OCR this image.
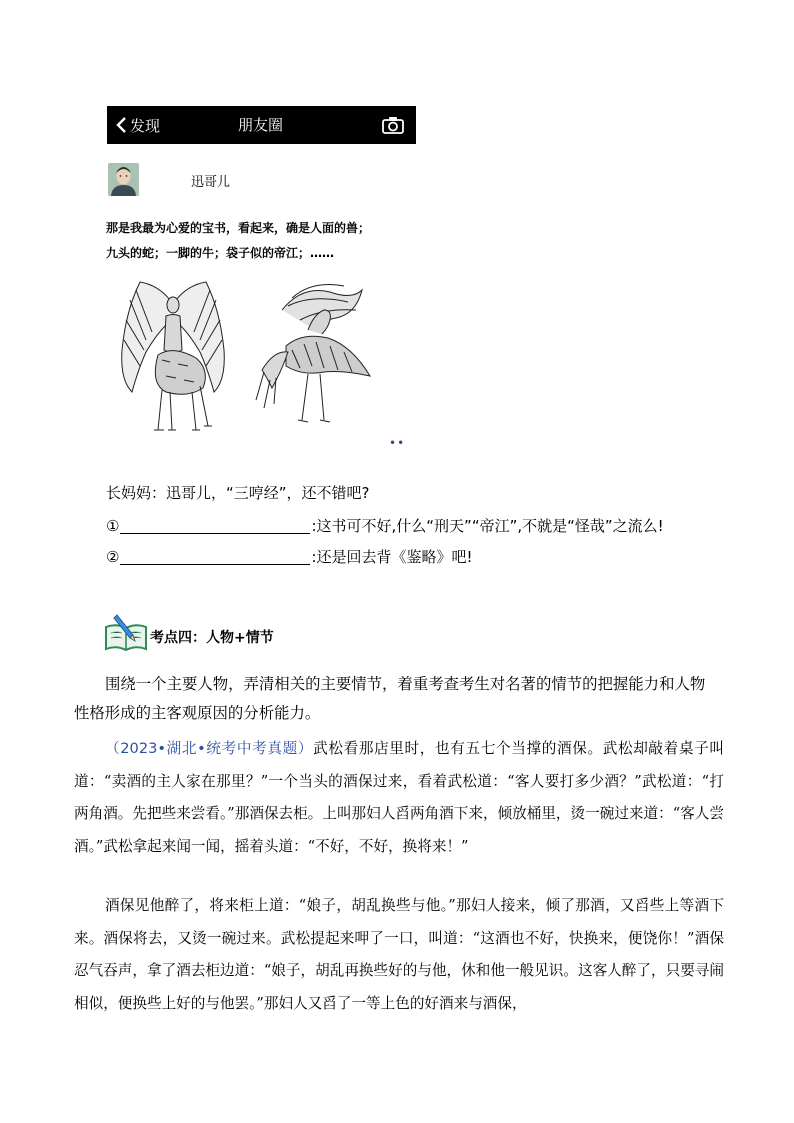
发现	朋友圈
迅哥儿
那是我最为心爱的宝书，看起来，确是人面的兽；
九头的蛇；一脚的牛；袋子似的帝江；……
••
长妈妈：迅哥儿，“三哼经”，还不错吧?
①	:这书可不好,什么“刑天”“帝江”,不就是“怪哉”之流么!
②	:还是回去背《鉴略》吧!
考点四：人物+情节
围绕一个主要人物，弄清相关的主要情节，着重考查考生对名著的情节的把握能力和人物
性格形成的主客观原因的分析能力。
（2023•湖北•统考中考真题）武松看那店里时，也有五七个当撑的酒保。武松却敲着桌子叫道：“卖酒的主人家在那里？”一个当头的酒保过来，看着武松道：“客人要打多少酒？”武松道：“打两角酒。先把些来尝看。”那酒保去柜。上叫那妇人舀两角酒下来，倾放桶里，烫一碗过来道：“客人尝酒。”武松拿起来闻一闻，摇着头道：“不好，不好，换将来！”
酒保见他醉了，将来柜上道：“娘子，胡乱换些与他。”那妇人接来，倾了那酒，又舀些上等酒下来。酒保将去，又烫一碗过来。武松提起来呷了一口，叫道：“这酒也不好，快换来，便饶你！”酒保忍气吞声，拿了酒去柜边道：“娘子，胡乱再换些好的与他，休和他一般见识。这客人醉了，只要寻闹相似，便换些上好的与他罢。”那妇人又舀了一等上色的好酒来与酒保，
